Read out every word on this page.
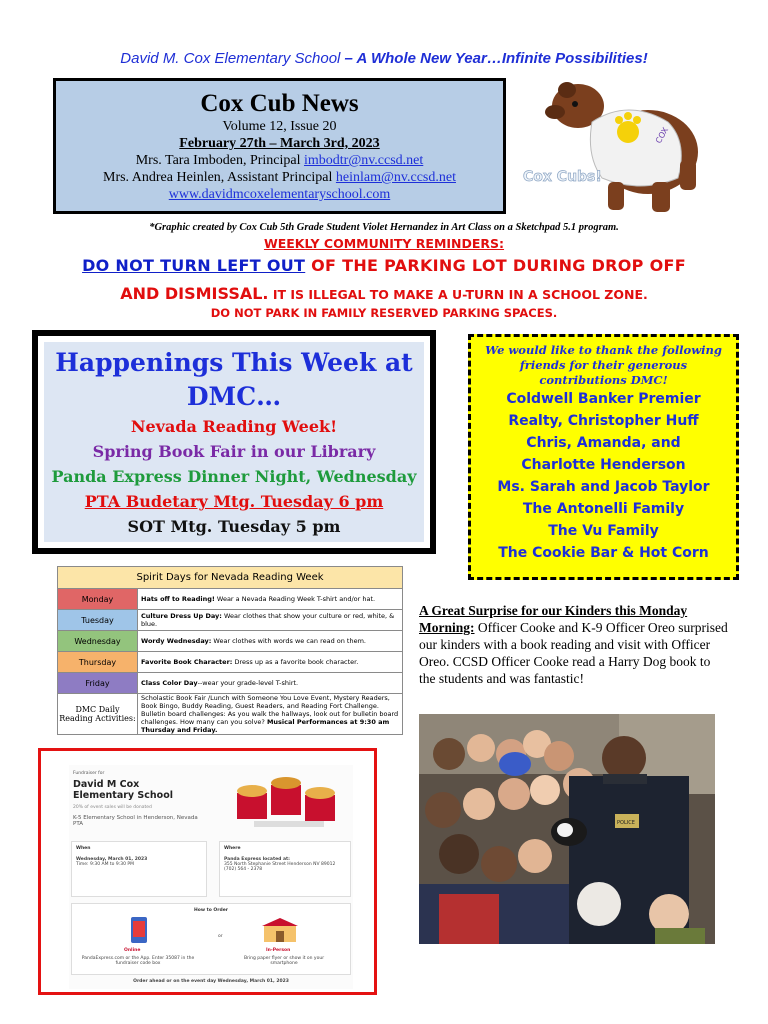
David M. Cox Elementary School – A Whole New Year…Infinite Possibilities!
Cox Cub News
Volume 12, Issue 20
February 27th – March 3rd, 2023
Mrs. Tara Imboden, Principal imbodtr@nv.ccsd.net
Mrs. Andrea Heinlen, Assistant Principal heinlam@nv.ccsd.net
www.davidmcoxelementaryschool.com
COX
Cox Cubs!
*Graphic created by Cox Cub 5th Grade Student Violet Hernandez in Art Class on a Sketchpad 5.1 program.
WEEKLY COMMUNITY REMINDERS:
DO NOT TURN LEFT OUT OF THE PARKING LOT DURING DROP OFF
AND DISMISSAL. IT IS ILLEGAL TO MAKE A U-TURN IN A SCHOOL ZONE.
DO NOT PARK IN FAMILY RESERVED PARKING SPACES.
Happenings This Week at
DMC…
Nevada Reading Week!
Spring Book Fair in our Library
Panda Express Dinner Night, Wednesday
PTA Budetary Mtg. Tuesday 6 pm
SOT Mtg. Tuesday 5 pm
We would like to thank the following friends for their generous contributions DMC!
Coldwell Banker Premier
Realty, Christopher Huff
Chris, Amanda, and
Charlotte Henderson
Ms. Sarah and Jacob Taylor
The Antonelli Family
The Vu Family
The Cookie Bar & Hot Corn
Spirit Days for Nevada Reading Week	
Monday	Hats off to Reading! Wear a Nevada Reading Week T-shirt and/or hat.
Tuesday	Culture Dress Up Day: Wear clothes that show your culture or red, white, & blue.
Wednesday	Wordy Wednesday: Wear clothes with words we can read on them.
Thursday	Favorite Book Character: Dress up as a favorite book character.
Friday	Class Color Day--wear your grade-level T-shirt.
DMC Daily Reading Activities:	Scholastic Book Fair /Lunch with Someone You Love Event, Mystery Readers, Book Bingo, Buddy Reading, Guest Readers, and Reading Fort Challenge. Bulletin board challenges: As you walk the hallways, look out for bulletin board challenges. How many can you solve? Musical Performances at 9:30 am Thursday and Friday.
Fundraiser for
David M Cox Elementary School
20% of event sales will be donated
K-5 Elementary School in Henderson, Nevada PTA
When
Wednesday, March 01, 2023
Time: 9:30 AM to 9:30 PM
Where
Panda Express located at:
355 North Stephanie Street Henderson NV 89012
(702) 564 - 2378
How to Order
Online
PandaExpress.com or the App. Enter 35087 in the fundraiser code box
or
In-Person
Bring paper flyer or show it on your smartphone
Order ahead or on the event day Wednesday, March 01, 2023
A Great Surprise for our Kinders this Monday Morning: Officer Cooke and K-9 Officer Oreo surprised our kinders with a book reading and visit with Officer Oreo. CCSD Officer Cooke read a Harry Dog book to the students and was fantastic!
POLICE
